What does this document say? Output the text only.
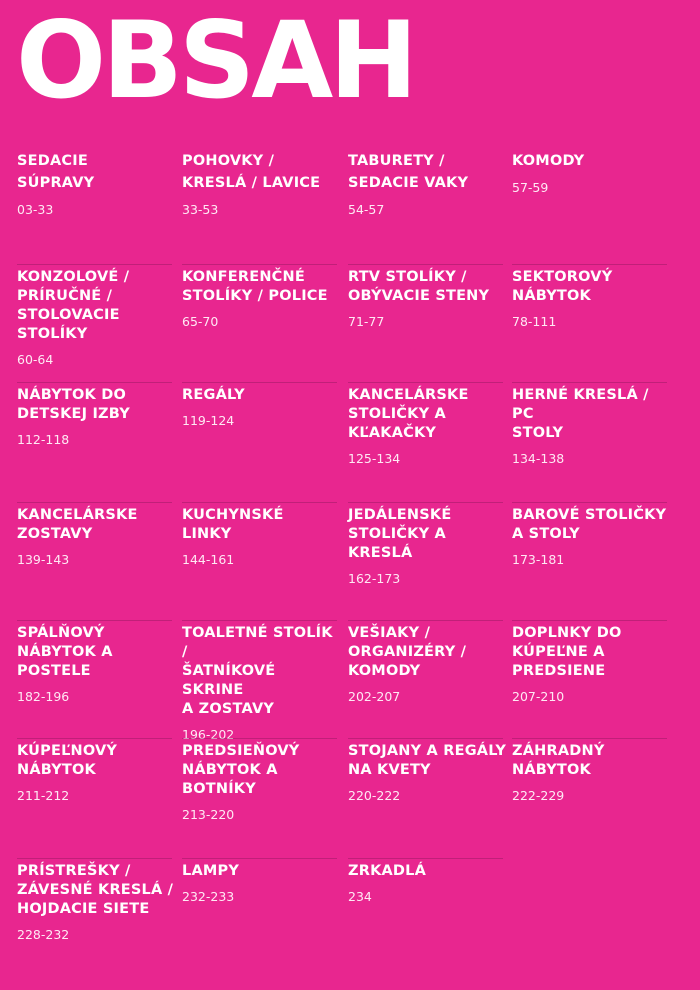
OBSAH
SEDACIE
SÚPRAVY
03-33
POHOVKY /
KRESLÁ / LAVICE
33-53
TABURETY /
SEDACIE VAKY
54-57
KOMODY
57-59
KONZOLOVÉ /
PRÍRUČNÉ /
STOLOVACIE
STOLÍKY
60-64
KONFERENČNÉ
STOLÍKY / POLICE
65-70
RTV STOLÍKY /
OBÝVACIE STENY
71-77
SEKTOROVÝ
NÁBYTOK
78-111
NÁBYTOK DO
DETSKEJ IZBY
112-118
REGÁLY
119-124
KANCELÁRSKE
STOLIČKY A
KĽAKAČKY
125-134
HERNÉ KRESLÁ / PC
STOLY
134-138
KANCELÁRSKE
ZOSTAVY
139-143
KUCHYNSKÉ
LINKY
144-161
JEDÁLENSKÉ
STOLIČKY A
KRESLÁ
162-173
BAROVÉ STOLIČKY
A STOLY
173-181
SPÁLŇOVÝ
NÁBYTOK A
POSTELE
182-196
TOALETNÉ STOLÍK /
ŠATNÍKOVÉ SKRINE
A ZOSTAVY
196-202
VEŠIAKY /
ORGANIZÉRY /
KOMODY
202-207
DOPLNKY DO
KÚPEĽNE A
PREDSIENE
207-210
KÚPEĽNOVÝ
NÁBYTOK
211-212
PREDSIEŇOVÝ
NÁBYTOK A
BOTNÍKY
213-220
STOJANY A REGÁLY
NA KVETY
220-222
ZÁHRADNÝ
NÁBYTOK
222-229
PRÍSTREŠKY /
ZÁVESNÉ KRESLÁ /
HOJDACIE SIETE
228-232
LAMPY
232-233
ZRKADLÁ
234
